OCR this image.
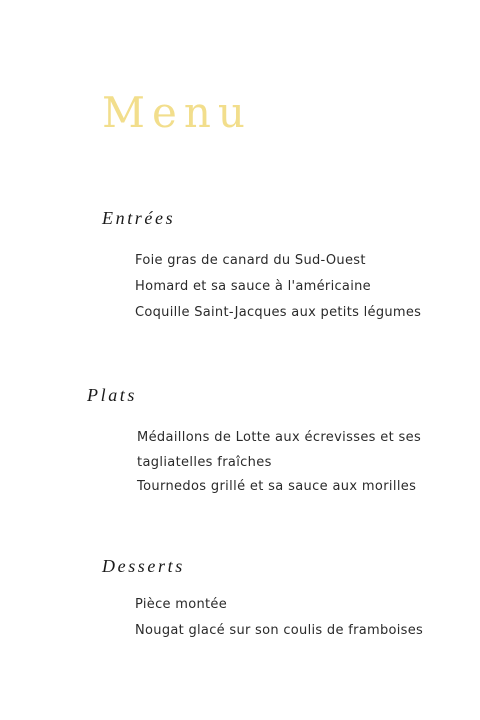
Menu
Entrées
Foie gras de canard du Sud-Ouest
Homard et sa sauce à l'américaine
Coquille Saint-Jacques aux petits légumes
Plats
Médaillons de Lotte aux écrevisses et ses
tagliatelles fraîches
Tournedos grillé et sa sauce aux morilles
Desserts
Pièce montée
Nougat glacé sur son coulis de framboises
